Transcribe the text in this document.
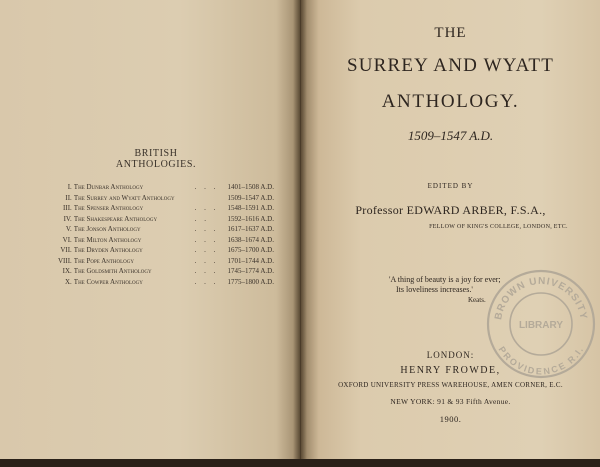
BRITISH ANTHOLOGIES.
I. The Dunbar Anthology	. . .	1401–1508 A.D.
II. The Surrey and Wyatt Anthology	1509–1547 A.D.
III. The Spenser Anthology	. . .	1548–1591 A.D.
IV. The Shakespeare Anthology	. .	1592–1616 A.D.
V. The Jonson Anthology	. . .	1617–1637 A.D.
VI. The Milton Anthology	. . .	1638–1674 A.D.
VII. The Dryden Anthology	. . .	1675–1700 A.D.
VIII. The Pope Anthology	. . .	1701–1744 A.D.
IX. The Goldsmith Anthology	. . .	1745–1774 A.D.
X. The Cowper Anthology	. . .	1775–1800 A.D.
THE
SURREY AND WYATT
ANTHOLOGY.
1509–1547 A.D.
EDITED BY
Professor EDWARD ARBER, F.S.A.,
FELLOW OF KING'S COLLEGE, LONDON, ETC.
'A thing of beauty is a joy for ever;
Its loveliness increases.'
Keats.
LONDON:
HENRY FROWDE,
OXFORD UNIVERSITY PRESS WAREHOUSE, AMEN CORNER, E.C.
NEW YORK: 91 & 93 Fifth Avenue.
1900.
BROWN UNIVERSITY
PROVIDENCE R.I.
LIBRARY
